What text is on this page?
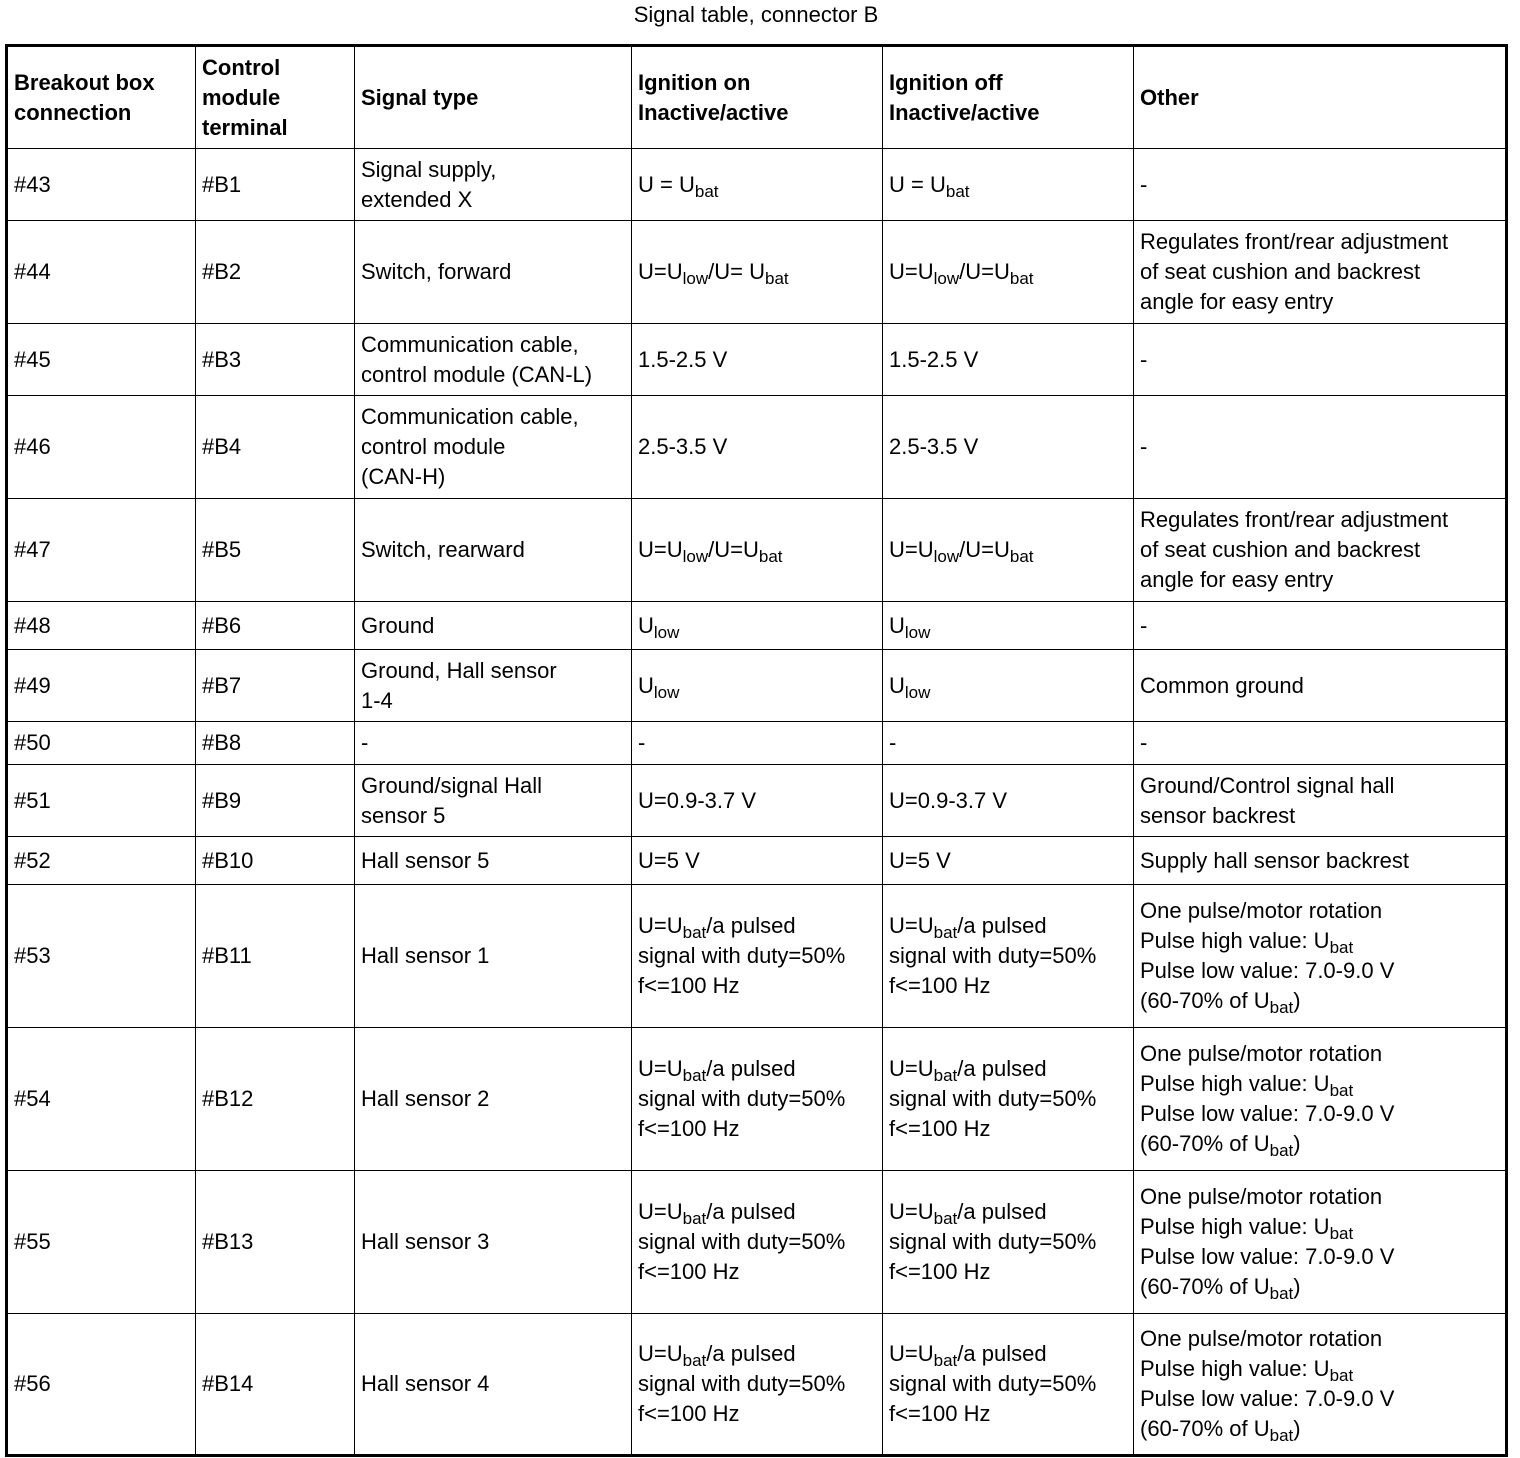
Signal table, connector B
Breakout box
connection	Control
module
terminal	Signal type	Ignition on
Inactive/active	Ignition off
Inactive/active	Other

#43	#B1	Signal supply,
extended X	$U = U_{bat}$	$U = U_{bat}$	-

#44	#B2	Switch, forward	$U=U_{low}/U= U_{bat}$	$U=U_{low}/U=U_{bat}$	Regulates front/rear adjustment
of seat cushion and backrest
angle for easy entry

#45	#B3	Communication cable,
control module (CAN-L)	1.5-2.5 V	1.5-2.5 V	-

#46	#B4	Communication cable,
control module
(CAN-H)	2.5-3.5 V	2.5-3.5 V	-

#47	#B5	Switch, rearward	$U=U_{low}/U=U_{bat}$	$U=U_{low}/U=U_{bat}$	Regulates front/rear adjustment
of seat cushion and backrest
angle for easy entry

#48	#B6	Ground	$U_{low}$	$U_{low}$	-

#49	#B7	Ground, Hall sensor
1-4	$U_{low}$	$U_{low}$	Common ground

#50	#B8	-	-	-	-

#51	#B9	Ground/signal Hall
sensor 5	U=0.9-3.7 V	U=0.9-3.7 V	Ground/Control signal hall
sensor backrest

#52	#B10	Hall sensor 5	U=5 V	U=5 V	Supply hall sensor backrest

#53	#B11	Hall sensor 1	$U=U_{bat}/a$ pulsed
signal with duty=50%
f<=100 Hz	$U=U_{bat}/a$ pulsed
signal with duty=50%
f<=100 Hz	One pulse/motor rotation
Pulse high value: $U_{bat}$
Pulse low value: 7.0-9.0 V
(60-70% of $U_{bat}$)

#54	#B12	Hall sensor 2	$U=U_{bat}/a$ pulsed
signal with duty=50%
f<=100 Hz	$U=U_{bat}/a$ pulsed
signal with duty=50%
f<=100 Hz	One pulse/motor rotation
Pulse high value: $U_{bat}$
Pulse low value: 7.0-9.0 V
(60-70% of $U_{bat}$)

#55	#B13	Hall sensor 3	$U=U_{bat}/a$ pulsed
signal with duty=50%
f<=100 Hz	$U=U_{bat}/a$ pulsed
signal with duty=50%
f<=100 Hz	One pulse/motor rotation
Pulse high value: $U_{bat}$
Pulse low value: 7.0-9.0 V
(60-70% of $U_{bat}$)

#56	#B14	Hall sensor 4	$U=U_{bat}/a$ pulsed
signal with duty=50%
f<=100 Hz	$U=U_{bat}/a$ pulsed
signal with duty=50%
f<=100 Hz	One pulse/motor rotation
Pulse high value: $U_{bat}$
Pulse low value: 7.0-9.0 V
(60-70% of $U_{bat}$)
